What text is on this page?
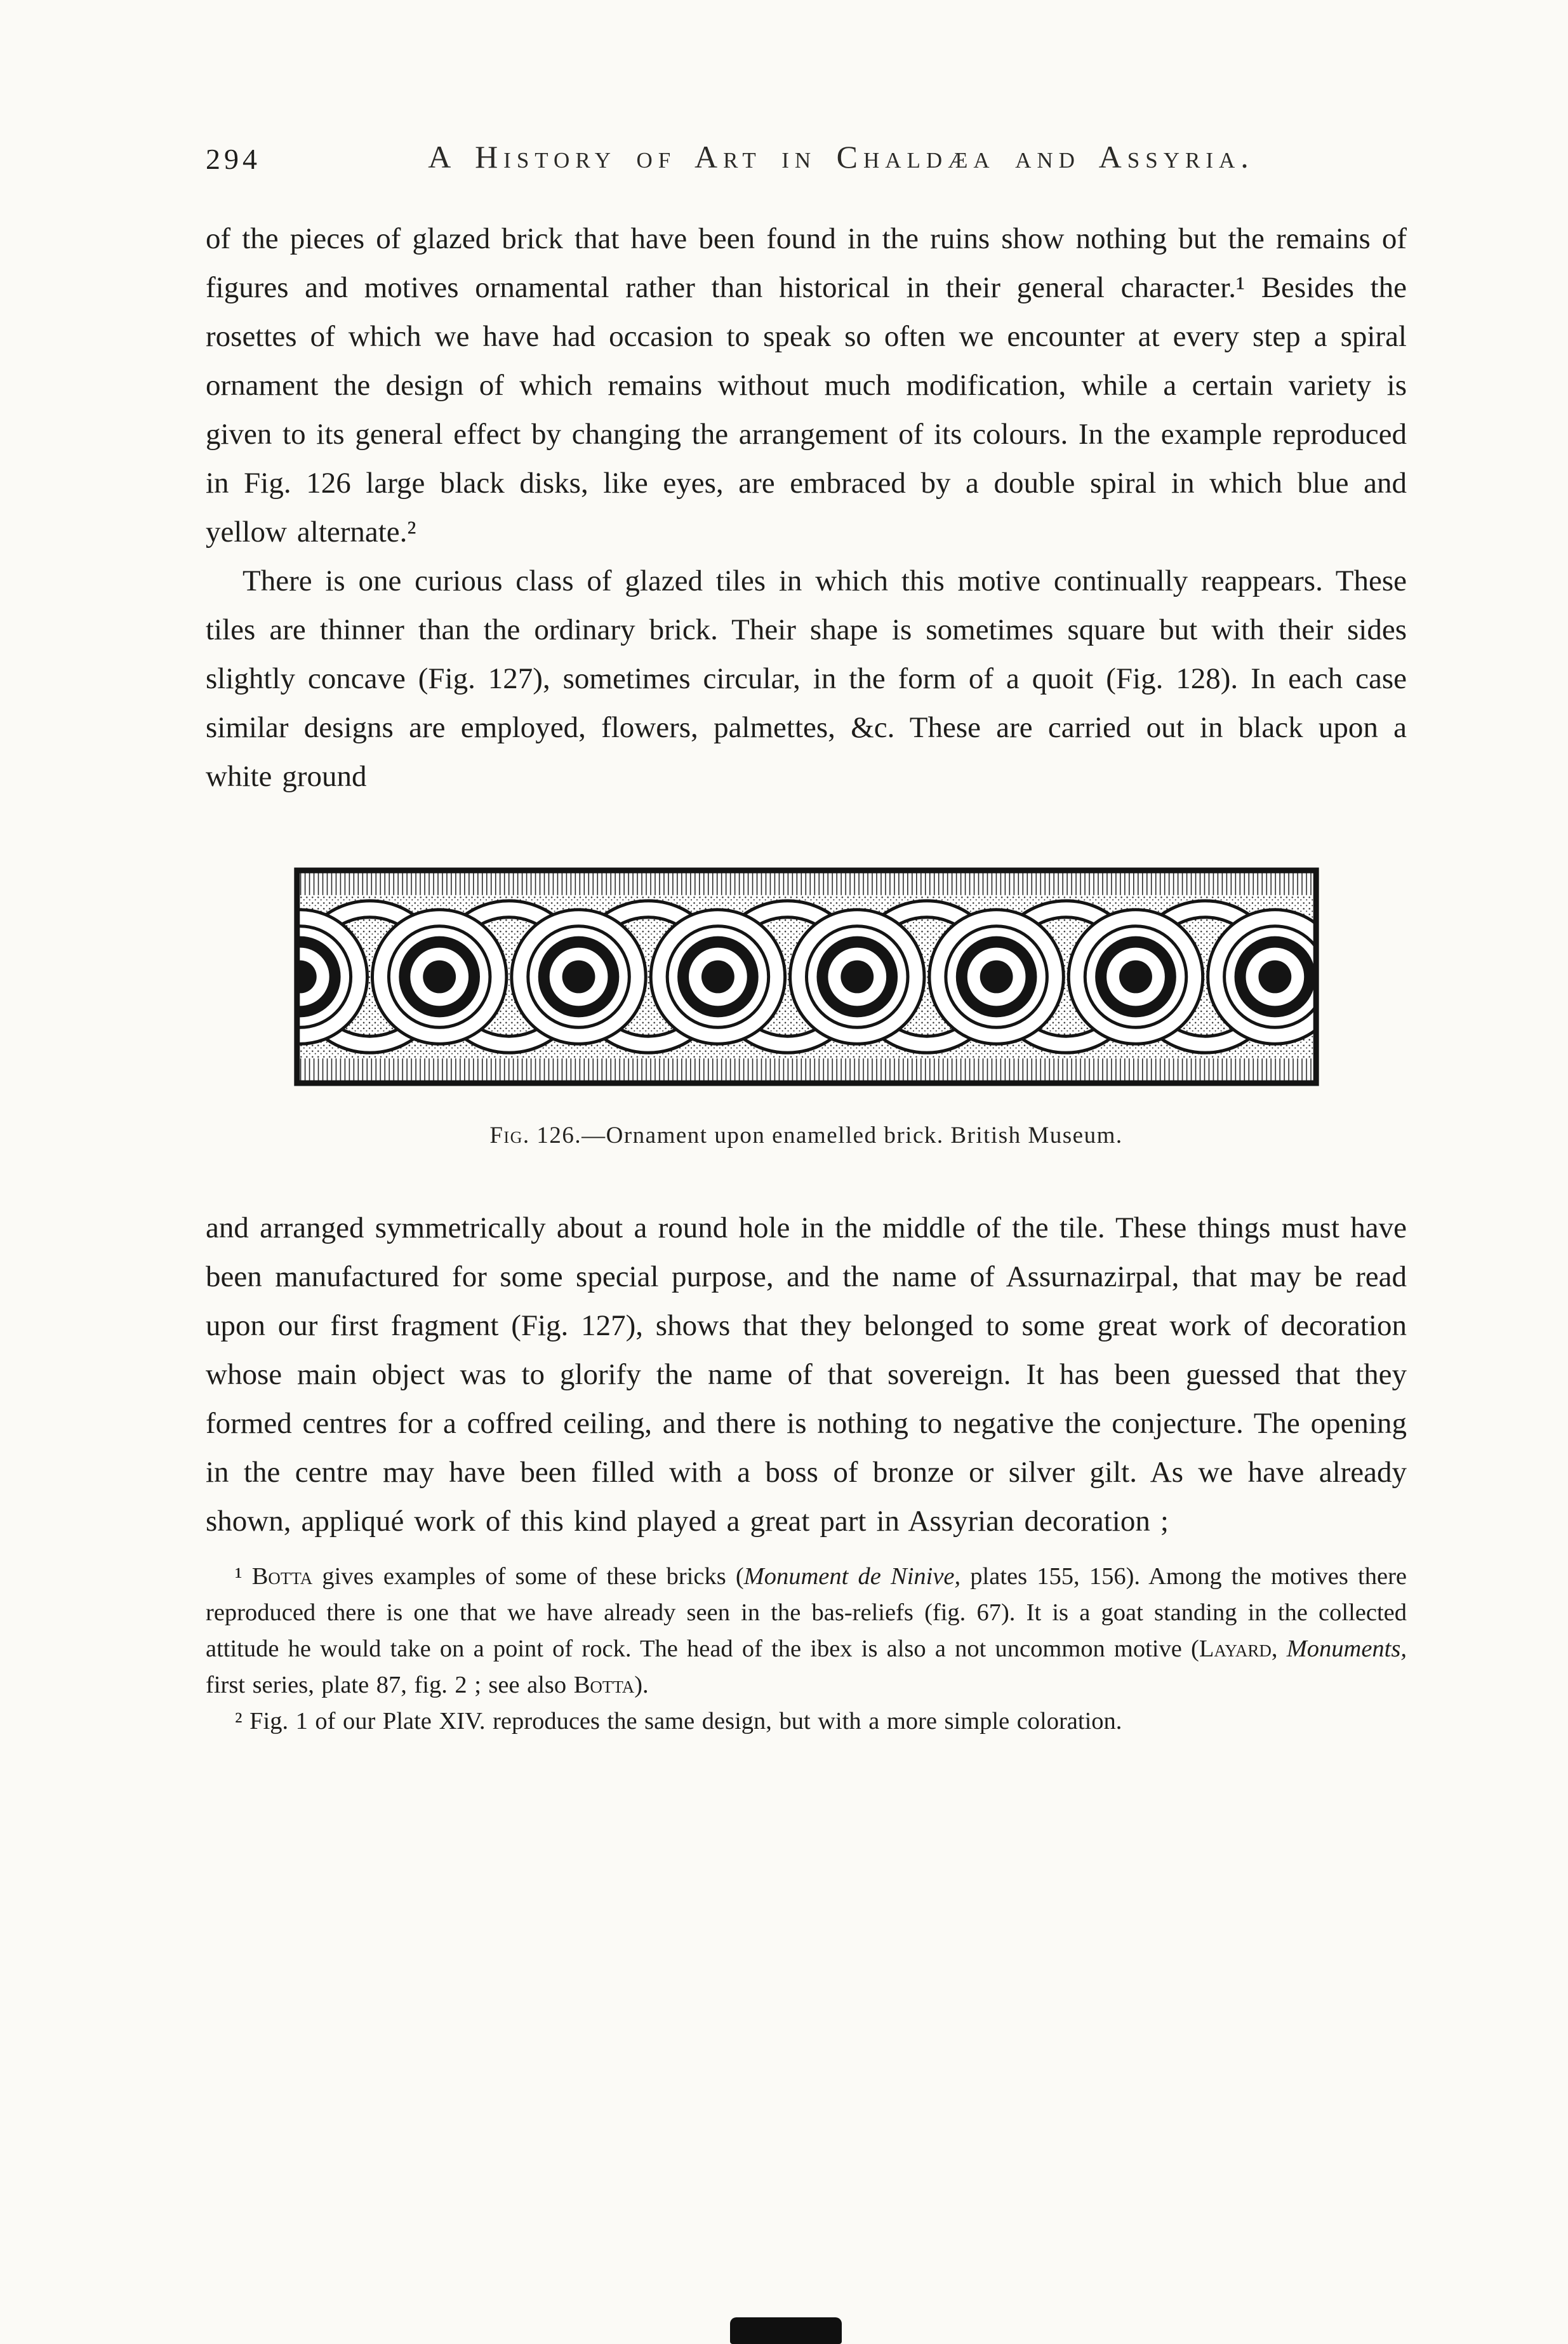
294	A History of Art in Chaldæa and Assyria.

of the pieces of glazed brick that have been found in the ruins show nothing but the remains of figures and motives ornamental rather than historical in their general character.¹ Besides the rosettes of which we have had occasion to speak so often we encounter at every step a spiral ornament the design of which remains without much modification, while a certain variety is given to its general effect by changing the arrangement of its colours. In the example reproduced in Fig. 126 large black disks, like eyes, are embraced by a double spiral in which blue and yellow alternate.²

There is one curious class of glazed tiles in which this motive continually reappears. These tiles are thinner than the ordinary brick. Their shape is sometimes square but with their sides slightly concave (Fig. 127), sometimes circular, in the form of a quoit (Fig. 128). In each case similar designs are employed, flowers, palmettes, &c. These are carried out in black upon a white ground

Fig. 126.—Ornament upon enamelled brick. British Museum.

and arranged symmetrically about a round hole in the middle of the tile. These things must have been manufactured for some special purpose, and the name of Assurnazirpal, that may be read upon our first fragment (Fig. 127), shows that they belonged to some great work of decoration whose main object was to glorify the name of that sovereign. It has been guessed that they formed centres for a coffred ceiling, and there is nothing to negative the conjecture. The opening in the centre may have been filled with a boss of bronze or silver gilt. As we have already shown, appliqué work of this kind played a great part in Assyrian decoration ;

¹ Botta gives examples of some of these bricks (Monument de Ninive, plates 155, 156). Among the motives there reproduced there is one that we have already seen in the bas-reliefs (fig. 67). It is a goat standing in the collected attitude he would take on a point of rock. The head of the ibex is also a not uncommon motive (Layard, Monuments, first series, plate 87, fig. 2 ; see also Botta).

² Fig. 1 of our Plate XIV. reproduces the same design, but with a more simple coloration.
